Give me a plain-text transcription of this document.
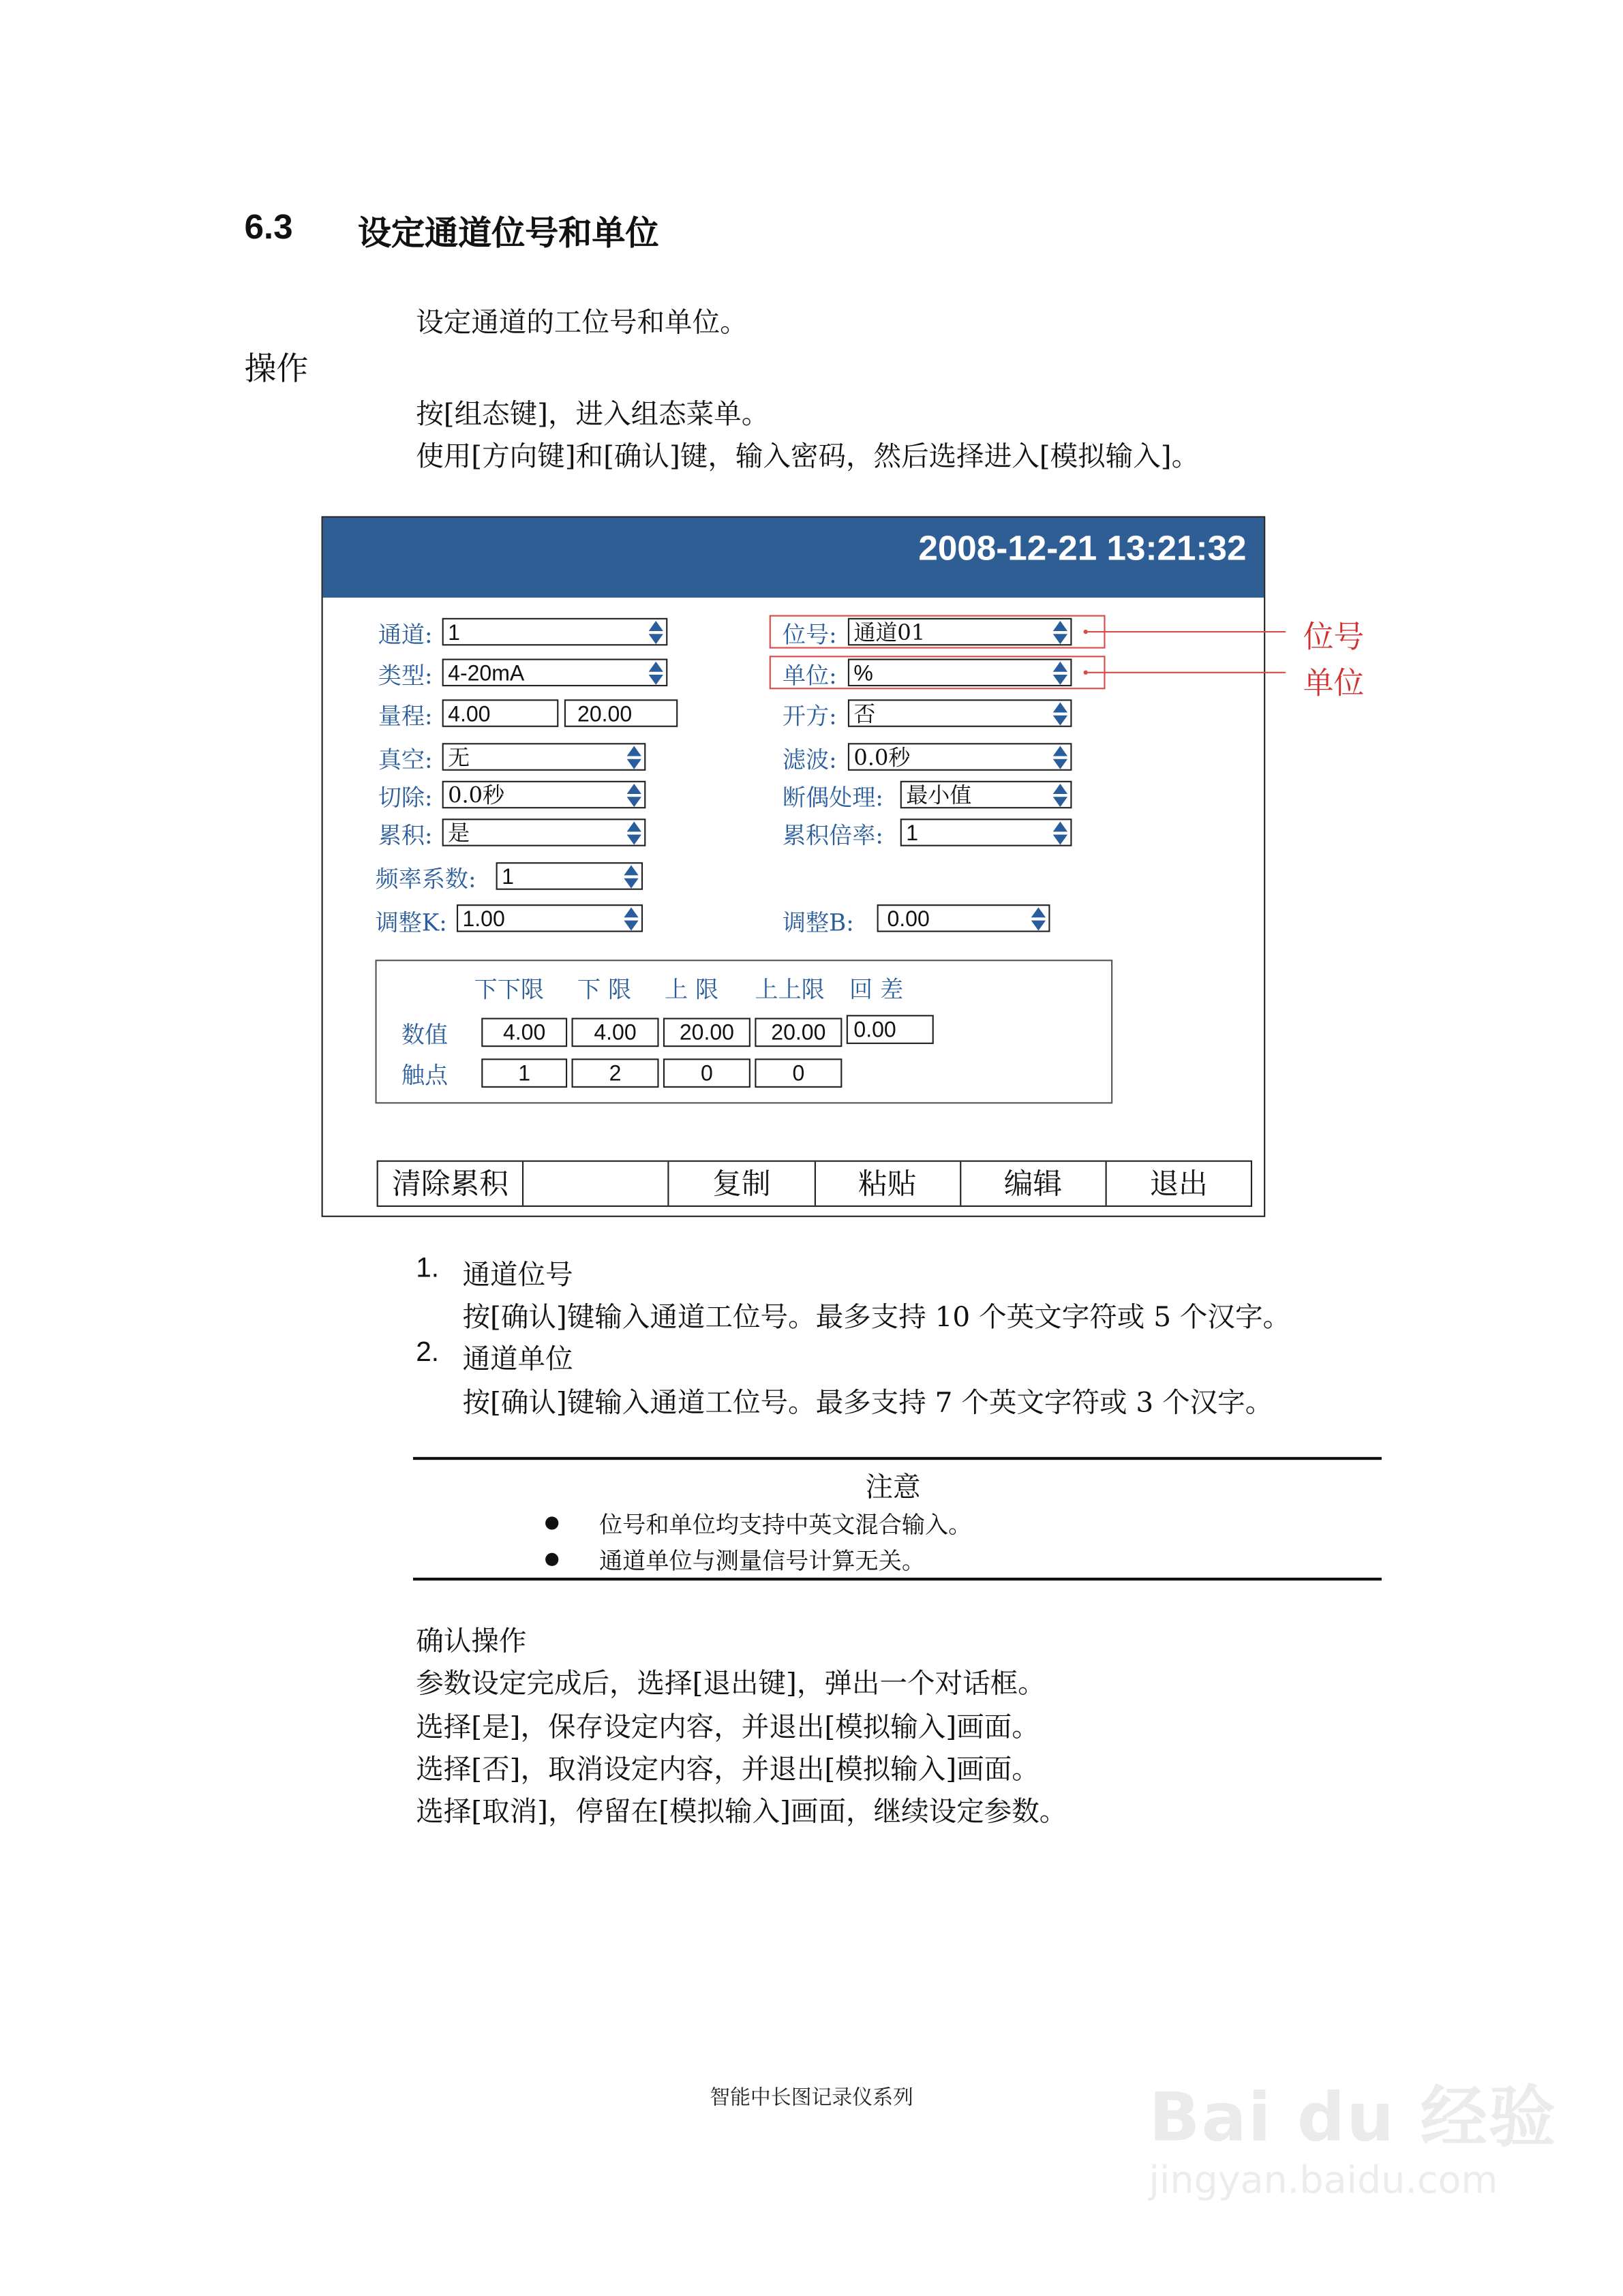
6.3	设定通道位号和单位
设定通道的工位号和单位。
操作
按[组态键]，进入组态菜单。
使用[方向键]和[确认]键，输入密码，然后选择进入[模拟输入]。
2008-12-21 13:21:32
通道:	1
类型:	4-20mA
量程:	4.00	20.00
真空:	无
切除:	0.0秒
累积:	是
频率系数:	1
调整K:	1.00
位号:	通道01
单位:	%
开方:	否
滤波:	0.0秒
断偶处理:	最小值
累积倍率:	1
调整B:	0.00
下下限	下 限	上 限	上上限 回 差
数值	4.00	4.00	20.00	20.00	0.00
触点	1	2	0	0
清除累积	复制	粘贴	编辑	退出
位号
单位
1. 通道位号
按[确认]键输入通道工位号。最多支持 10 个英文字符或 5 个汉字。
2. 通道单位
按[确认]键输入通道工位号。最多支持 7 个英文字符或 3 个汉字。
注意
位号和单位均支持中英文混合输入。
通道单位与测量信号计算无关。
确认操作
参数设定完成后，选择[退出键]，弹出一个对话框。
选择[是]，保存设定内容，并退出[模拟输入]画面。
选择[否]，取消设定内容，并退出[模拟输入]画面。
选择[取消]，停留在[模拟输入]画面，继续设定参数。
智能中长图记录仪系列	Bai du 经验
jingyan.baidu.com
